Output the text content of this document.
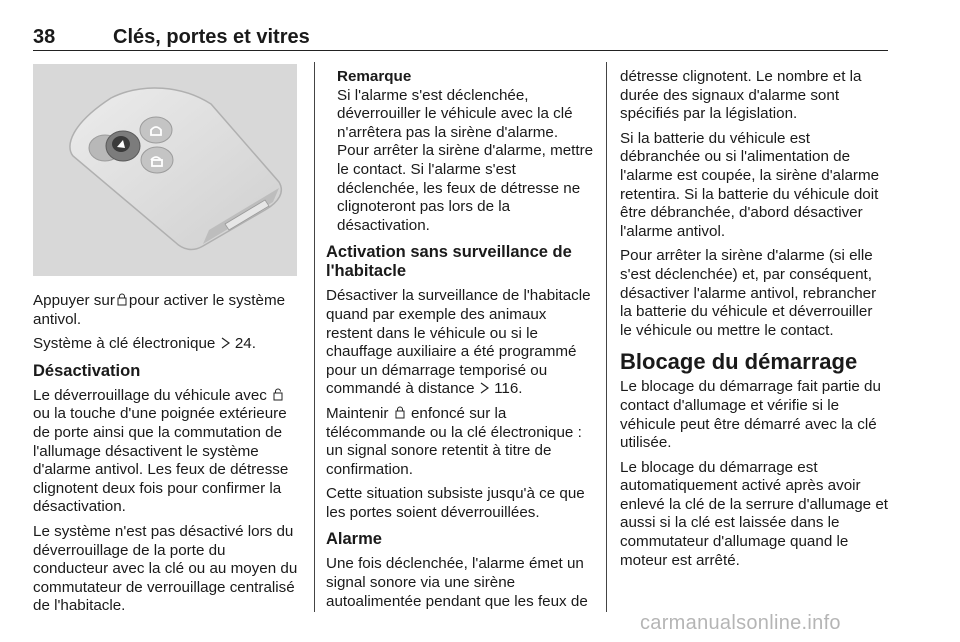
38	Clés, portes et vitres

Appuyer sur pour activer le système antivol.

Système à clé électronique 24.

Désactivation

Le déverrouillage du véhicule avec  ou la touche d'une poignée extérieure de porte ainsi que la commutation de l'allumage désactivent le système d'alarme antivol. Les feux de détresse clignotent deux fois pour confirmer la désactivation.

Le système n'est pas désactivé lors du déverrouillage de la porte du conducteur avec la clé ou au moyen du commutateur de verrouillage centralisé de l'habitacle.

Remarque
Si l'alarme s'est déclenchée, déverrouiller le véhicule avec la clé n'arrêtera pas la sirène d'alarme. Pour arrêter la sirène d'alarme, mettre le contact. Si l'alarme s'est déclenchée, les feux de détresse ne clignoteront pas lors de la désactivation.
Activation sans surveillance de l'habitacle

Désactiver la surveillance de l'habitacle quand par exemple des animaux restent dans le véhicule ou si le chauffage auxiliaire a été programmé pour un démarrage temporisé ou commandé à distance 116.

Maintenir enfoncé sur la télécommande ou la clé électronique : un signal sonore retentit à titre de confirmation.

Cette situation subsiste jusqu'à ce que les portes soient déverrouillées.

Alarme

Une fois déclenchée, l'alarme émet un signal sonore via une sirène autoalimentée pendant que les feux de

détresse clignotent. Le nombre et la durée des signaux d'alarme sont spécifiés par la législation.

Si la batterie du véhicule est débranchée ou si l'alimentation de l'alarme est coupée, la sirène d'alarme retentira. Si la batterie du véhicule doit être débranchée, d'abord désactiver l'alarme antivol.

Pour arrêter la sirène d'alarme (si elle s'est déclenchée) et, par conséquent, désactiver l'alarme antivol, rebrancher la batterie du véhicule et déverrouiller le véhicule ou mettre le contact.

Blocage du démarrage

Le blocage du démarrage fait partie du contact d'allumage et vérifie si le véhicule peut être démarré avec la clé utilisée.

Le blocage du démarrage est automatiquement activé après avoir enlevé la clé de la serrure d'allumage et aussi si la clé est laissée dans le commutateur d'allumage quand le moteur est arrêté.

carmanualsonline.info
